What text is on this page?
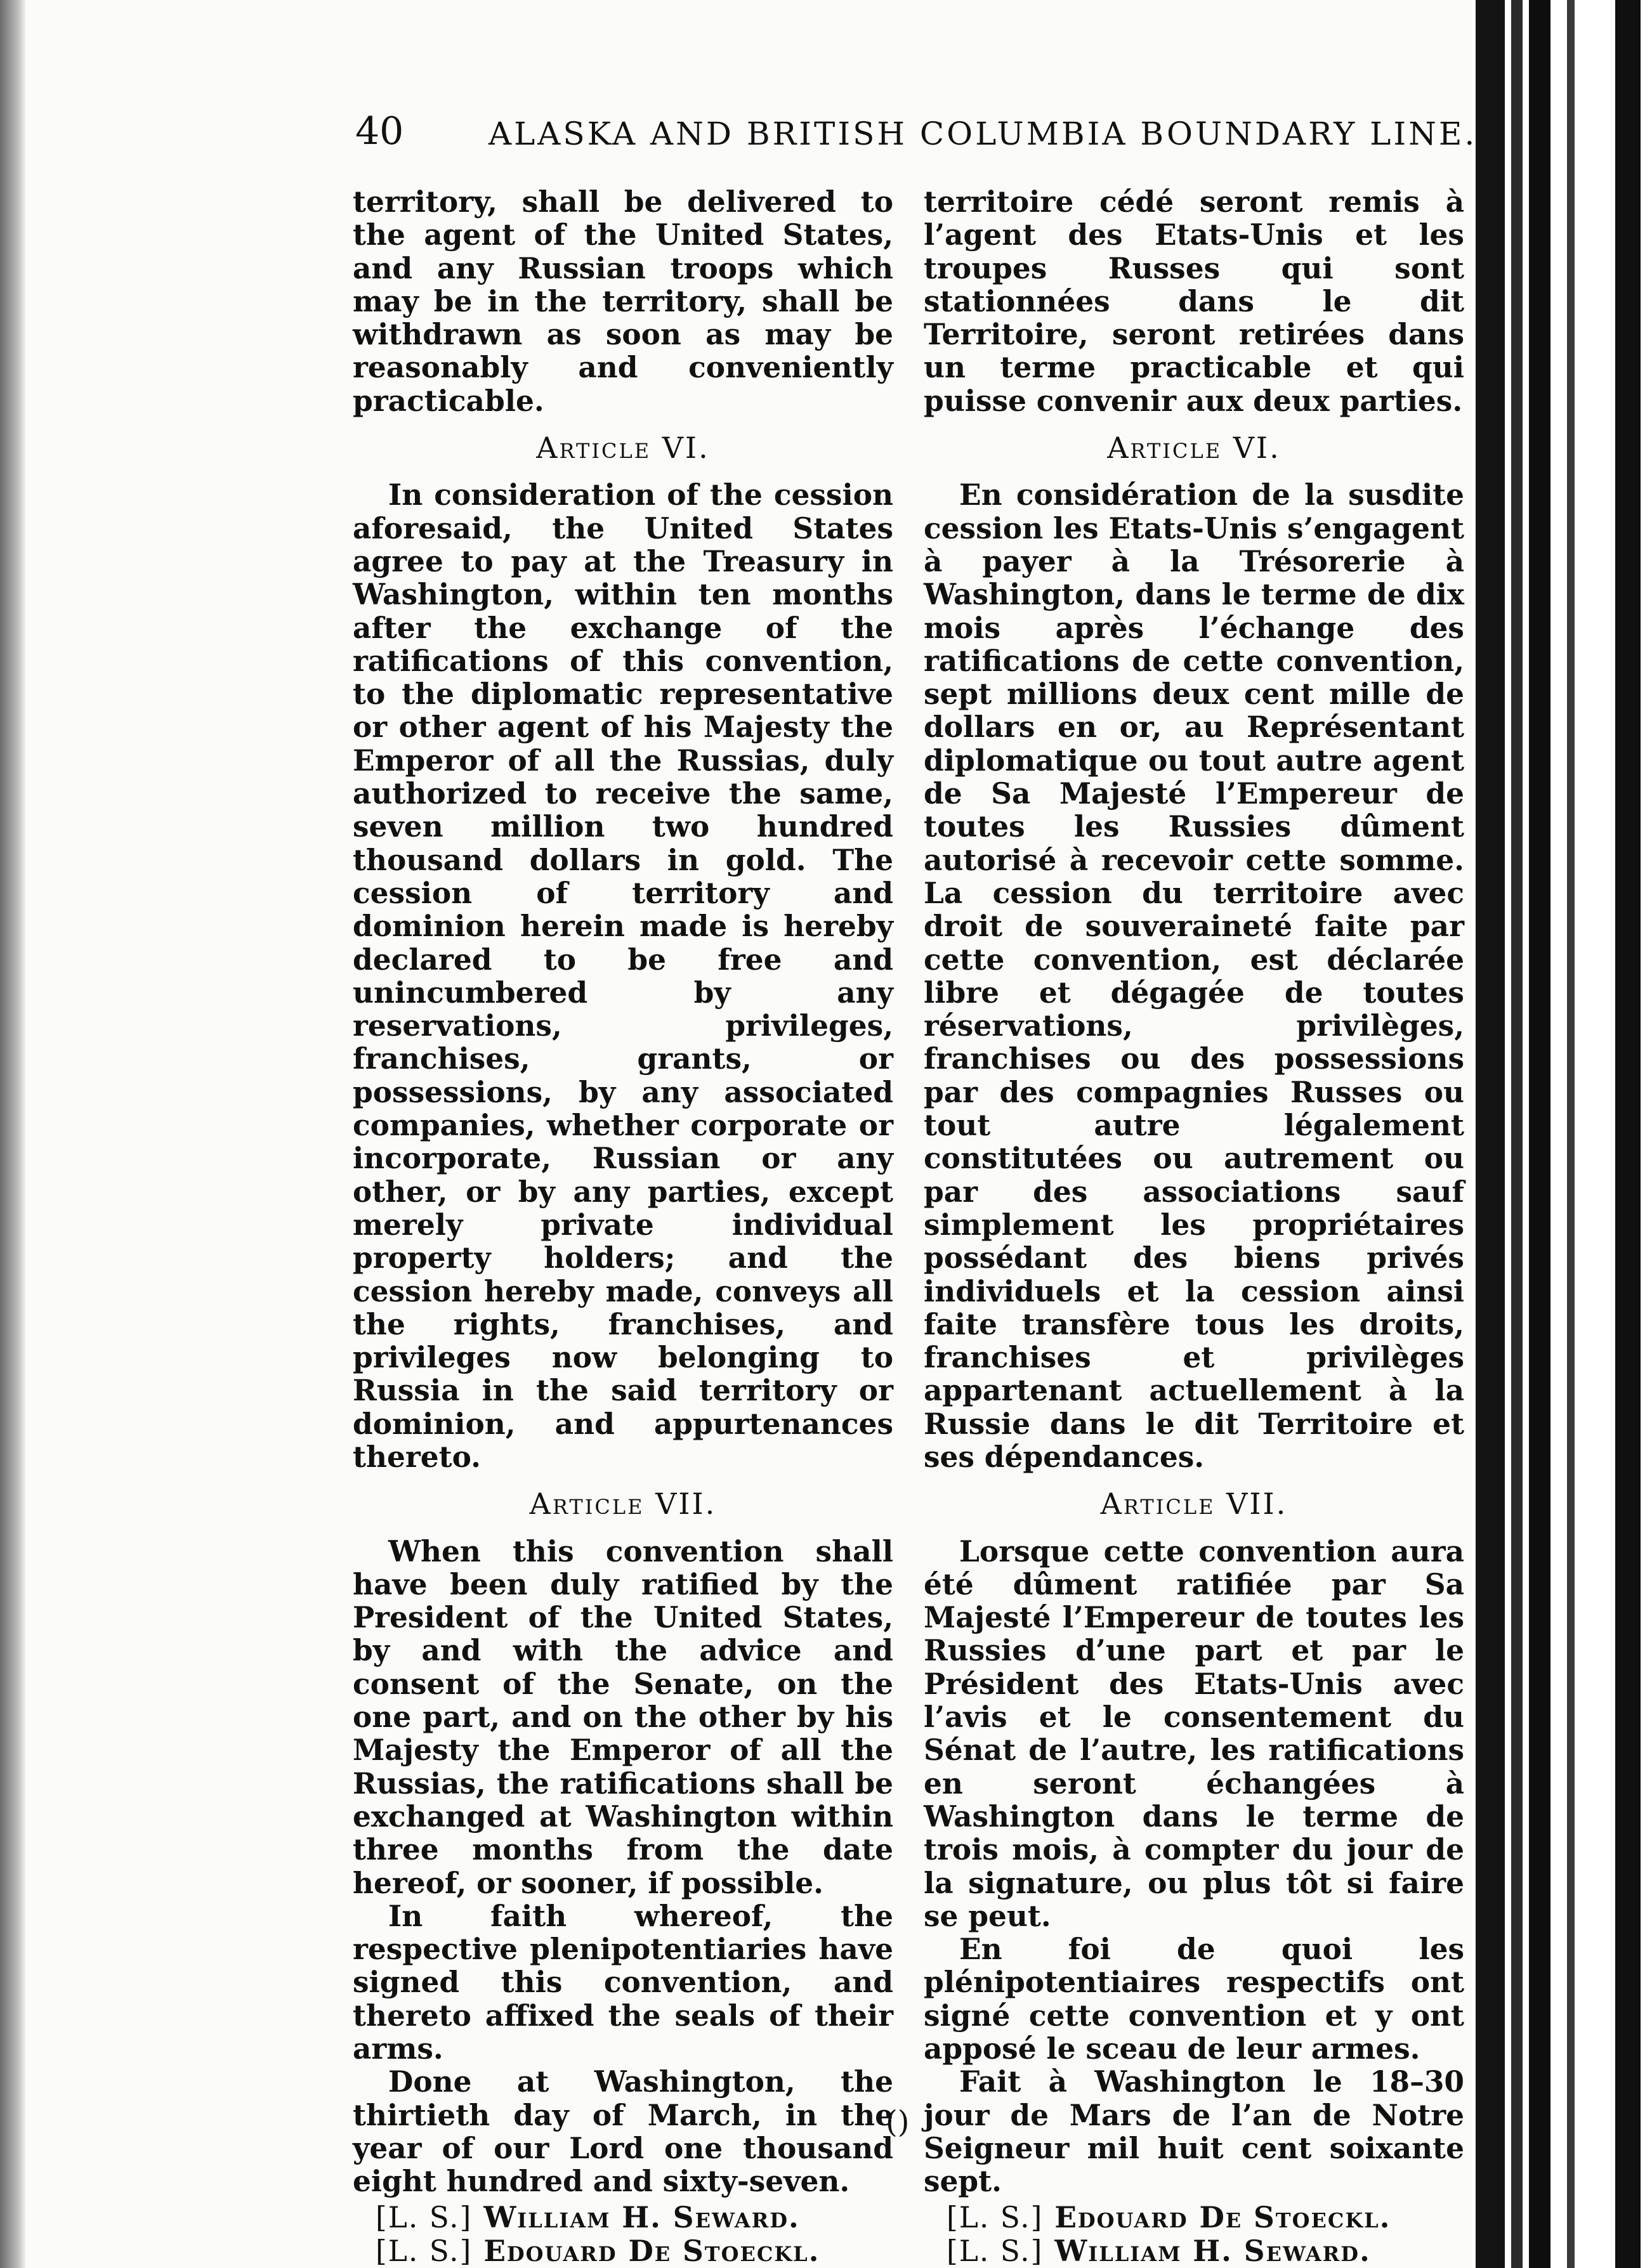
40	ALASKA AND BRITISH COLUMBIA BOUNDARY LINE.

territory, shall be delivered to the agent of the United States, and any Russian troops which may be in the territory, shall be withdrawn as soon as may be reasonably and conveniently practicable.

Article VI.

In consideration of the cession aforesaid, the United States agree to pay at the Treasury in Washington, within ten months after the exchange of the ratifications of this convention, to the diplomatic representative or other agent of his Majesty the Emperor of all the Russias, duly authorized to receive the same, seven million two hundred thousand dollars in gold. The cession of territory and dominion herein made is hereby declared to be free and unincumbered by any reservations, privileges, franchises, grants, or possessions, by any associated companies, whether corporate or incorporate, Russian or any other, or by any parties, except merely private individual property holders; and the cession hereby made, conveys all the rights, franchises, and privileges now belonging to Russia in the said territory or dominion, and appurtenances thereto.

Article VII.

When this convention shall have been duly ratified by the President of the United States, by and with the advice and consent of the Senate, on the one part, and on the other by his Majesty the Emperor of all the Russias, the ratifications shall be exchanged at Washington within three months from the date hereof, or sooner, if possible.

In faith whereof, the respective plenipotentiaries have signed this convention, and thereto affixed the seals of their arms.

Done at Washington, the thirtieth day of March, in the year of our Lord one thousand eight hundred and sixty-seven.

[L. S.] William H. Seward.
[L. S.] Edouard De Stoeckl.

territoire cédé seront remis à l’agent des Etats-Unis et les troupes Russes qui sont stationnées dans le dit Territoire, seront retirées dans un terme practicable et qui puisse convenir aux deux parties.

Article VI.

En considération de la susdite cession les Etats-Unis s’engagent à payer à la Trésorerie à Washington, dans le terme de dix mois après l’échange des ratifications de cette convention, sept millions deux cent mille de dollars en or, au Représentant diplomatique ou tout autre agent de Sa Majesté l’Empereur de toutes les Russies dûment autorisé à recevoir cette somme. La cession du territoire avec droit de souveraineté faite par cette convention, est déclarée libre et dégagée de toutes réservations, privilèges, franchises ou des possessions par des compagnies Russes ou tout autre légalement constitutées ou autrement ou par des associations sauf simplement les propriétaires possédant des biens privés individuels et la cession ainsi faite transfère tous les droits, franchises et privilèges appartenant actuellement à la Russie dans le dit Territoire et ses dépendances.

Article VII.

Lorsque cette convention aura été dûment ratifiée par Sa Majesté l’Empereur de toutes les Russies d’une part et par le Président des Etats-Unis avec l’avis et le consentement du Sénat de l’autre, les ratifications en seront échangées à Washington dans le terme de trois mois, à compter du jour de la signature, ou plus tôt si faire se peut.

En foi de quoi les plénipotentiaires respectifs ont signé cette convention et y ont apposé le sceau de leur armes.

Fait à Washington le 18–30 jour de Mars de l’an de Notre Seigneur mil huit cent soixante sept.

[L. S.] Edouard De Stoeckl.
[L. S.] William H. Seward.
()
